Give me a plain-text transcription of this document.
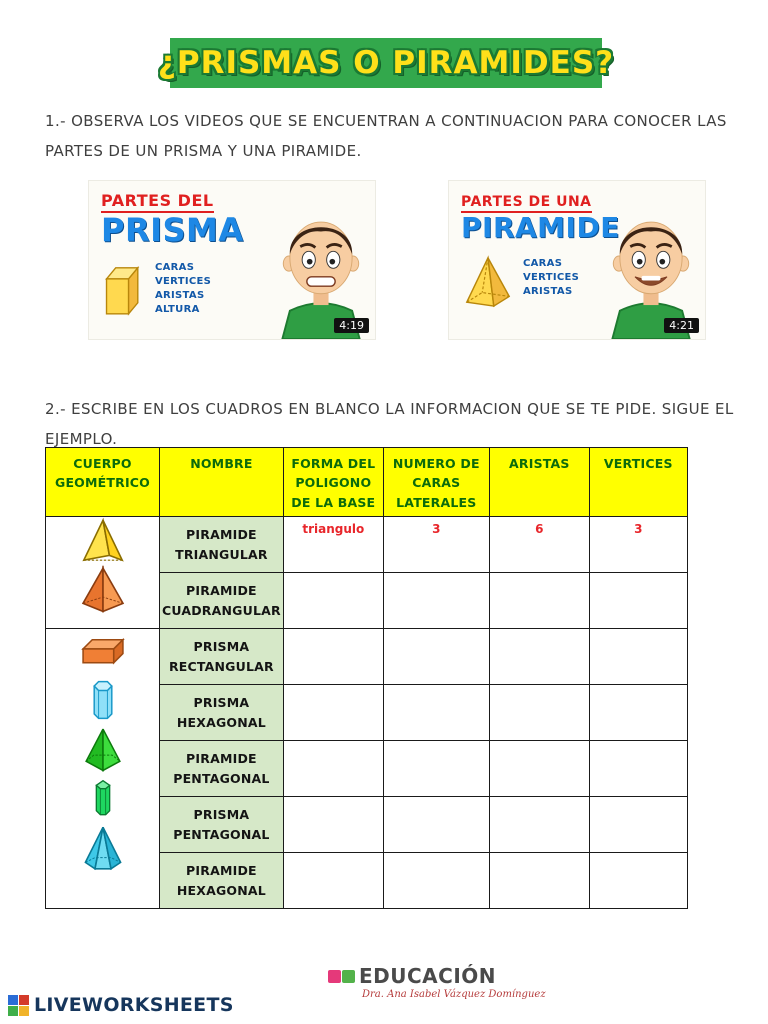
¿PRISMAS O PIRAMIDES?

1.- OBSERVA LOS VIDEOS QUE SE ENCUENTRAN A CONTINUACION PARA CONOCER LAS PARTES DE UN PRISMA Y UNA PIRAMIDE.

PARTES DEL
PRISMA
CARAS
VERTICES
ARISTAS
ALTURA
4:19
PARTES DE UNA
PIRAMIDE
CARAS
VERTICES
ARISTAS
4:21

2.- ESCRIBE EN LOS CUADROS EN BLANCO LA INFORMACION QUE SE TE PIDE. SIGUE EL EJEMPLO.

CUERPO GEOMÉTRICO	NOMBRE	FORMA DEL POLIGONO DE LA BASE	NUMERO DE CARAS LATERALES	ARISTAS	VERTICES

	PIRAMIDE TRIANGULAR	triangulo	3	6	3
	PIRAMIDE CUADRANGULAR				

	PRISMA RECTANGULAR				
	PRISMA HEXAGONAL				
	PIRAMIDE PENTAGONAL				
	PRISMA PENTAGONAL				
	PIRAMIDE HEXAGONAL				
LIVEWORKSHEETS
EDUCACIÓN
Dra. Ana Isabel Vázquez Domínguez
